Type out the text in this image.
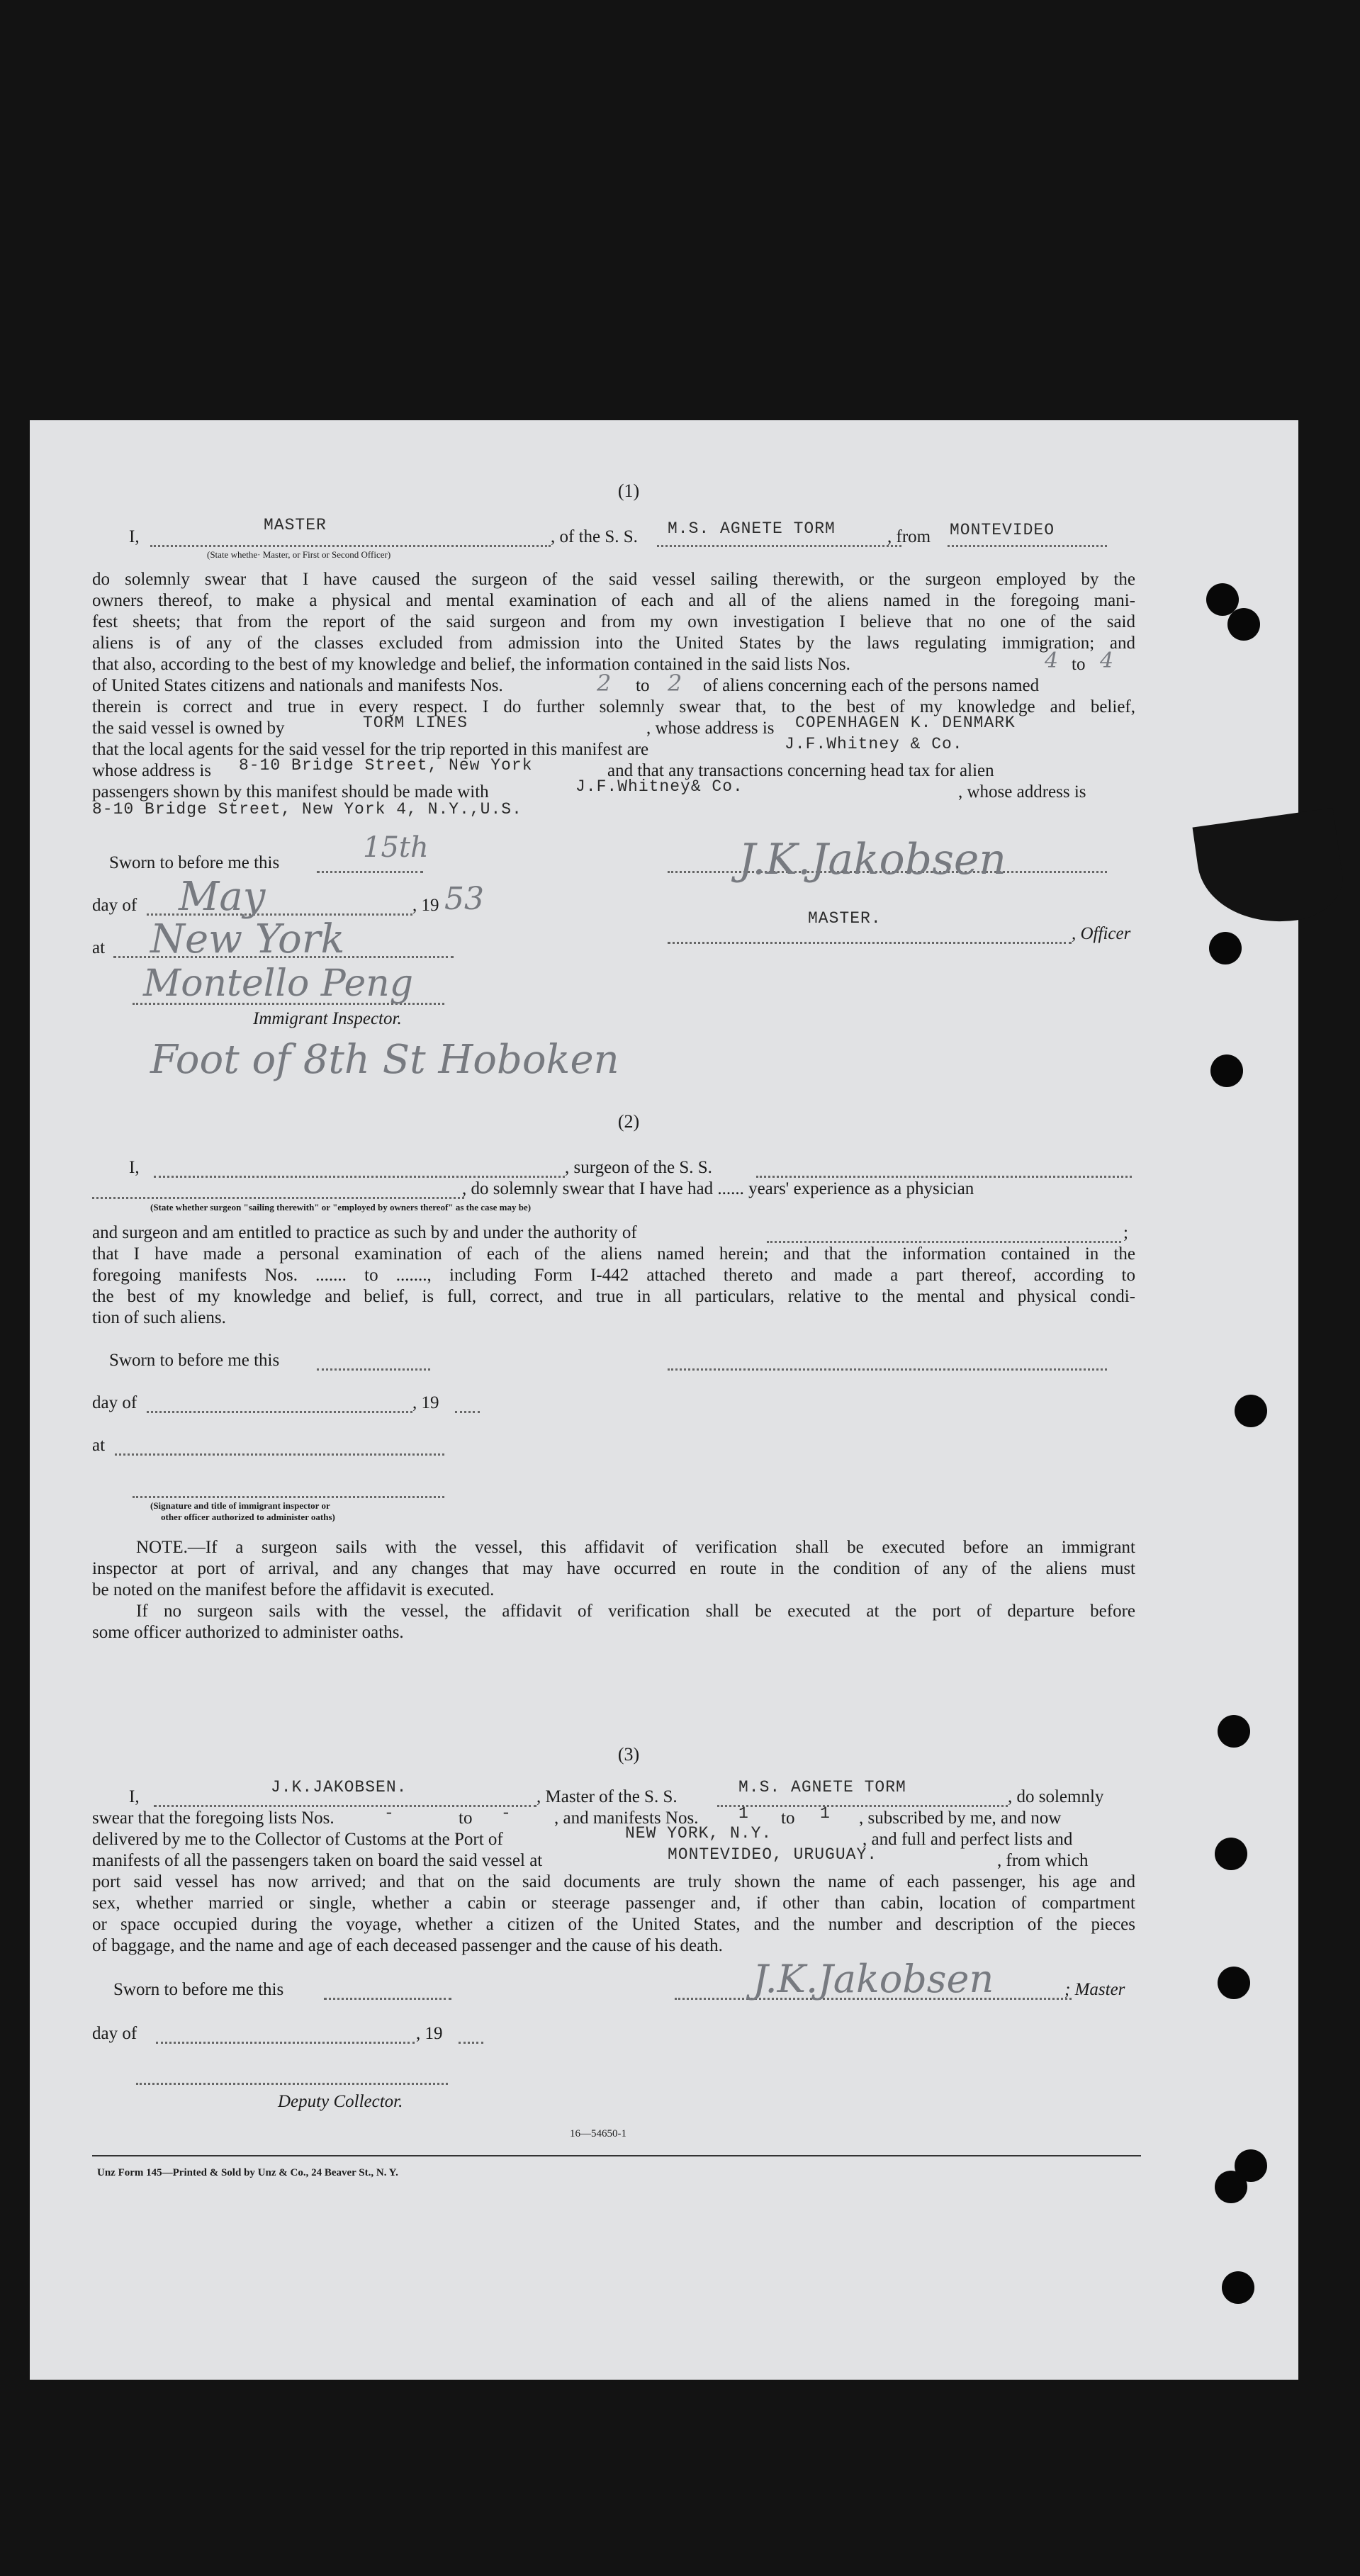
(1)
I,
MASTER
(State whethe· Master, or First or Second Officer)
, of the S. S. M.S. AGNETE TORM	, from MONTEVIDEO
do solemnly swear that I have caused the surgeon of the said vessel sailing therewith, or the surgeon employed by the
owners thereof, to make a physical and mental examination of each and all of the aliens named in the foregoing mani-
fest sheets; that from the report of the said surgeon and from my own investigation I believe that no one of the said
aliens is of any of the classes excluded from admission into the United States by the laws regulating immigration; and
that also, according to the best of my knowledge and belief, the information contained in the said lists Nos.	4 to 4
of United States citizens and nationals and manifests Nos.	2 to 2 of aliens concerning each of the persons named
therein is correct and true in every respect. I do further solemnly swear that, to the best of my knowledge and belief,
the said vessel is owned by	TORM LINES	, whose address is COPENHAGEN K. DENMARK
that the local agents for the said vessel for the trip reported in this manifest are	J.F.Whitney & Co.
whose address is 8-10 Bridge Street, New York	and that any transactions concerning head tax for alien
passengers shown by this manifest should be made with	J.F.Whitney& Co.	, whose address is
8-10 Bridge Street, New York 4, N.Y.,U.S.
Sworn to before me this	15th
day of May	, 19 53
at New York
Montello Peng
Immigrant Inspector.
Foot of 8th St Hoboken
J.K.Jakobsen
MASTER.
, Officer
(2)
I,	, surgeon of the S. S.
, do solemnly swear that I have had ...... years' experience as a physician
(State whether surgeon "sailing therewith" or "employed by owners thereof" as the case may be)
and surgeon and am entitled to practice as such by and under the authority of	;
that I have made a personal examination of each of the aliens named herein; and that the information contained in the
foregoing manifests Nos. ....... to ......., including Form I-442 attached thereto and made a part thereof, according to
the best of my knowledge and belief, is full, correct, and true in all particulars, relative to the mental and physical condi-
tion of such aliens.
Sworn to before me this
day of	, 19
at
(Signature and title of immigrant inspector or
other officer authorized to administer oaths)
NOTE.—If a surgeon sails with the vessel, this affidavit of verification shall be executed before an immigrant
inspector at port of arrival, and any changes that may have occurred en route in the condition of any of the aliens must
be noted on the manifest before the affidavit is executed.
If no surgeon sails with the vessel, the affidavit of verification shall be executed at the port of departure before
some officer authorized to administer oaths.
(3)
I,	J.K.JAKOBSEN.	, Master of the S. S.	M.S. AGNETE TORM	, do solemnly
swear that the foregoing lists Nos.	-	to - , and manifests Nos. 1 to 1 , subscribed by me, and now
delivered by me to the Collector of Customs at the Port of	NEW YORK, N.Y.	, and full and perfect lists and
manifests of all the passengers taken on board the said vessel at	MONTEVIDEO, URUGUAY.	, from which
port said vessel has now arrived; and that on the said documents are truly shown the name of each passenger, his age and
sex, whether married or single, whether a cabin or steerage passenger and, if other than cabin, location of compartment
or space occupied during the voyage, whether a citizen of the United States, and the number and description of the pieces
of baggage, and the name and age of each deceased passenger and the cause of his death.
Sworn to before me this	J.K.Jakobsen	; Master
day of	, 19
Deputy Collector.
16—54650-1
Unz Form 145—Printed & Sold by Unz & Co., 24 Beaver St., N. Y.
